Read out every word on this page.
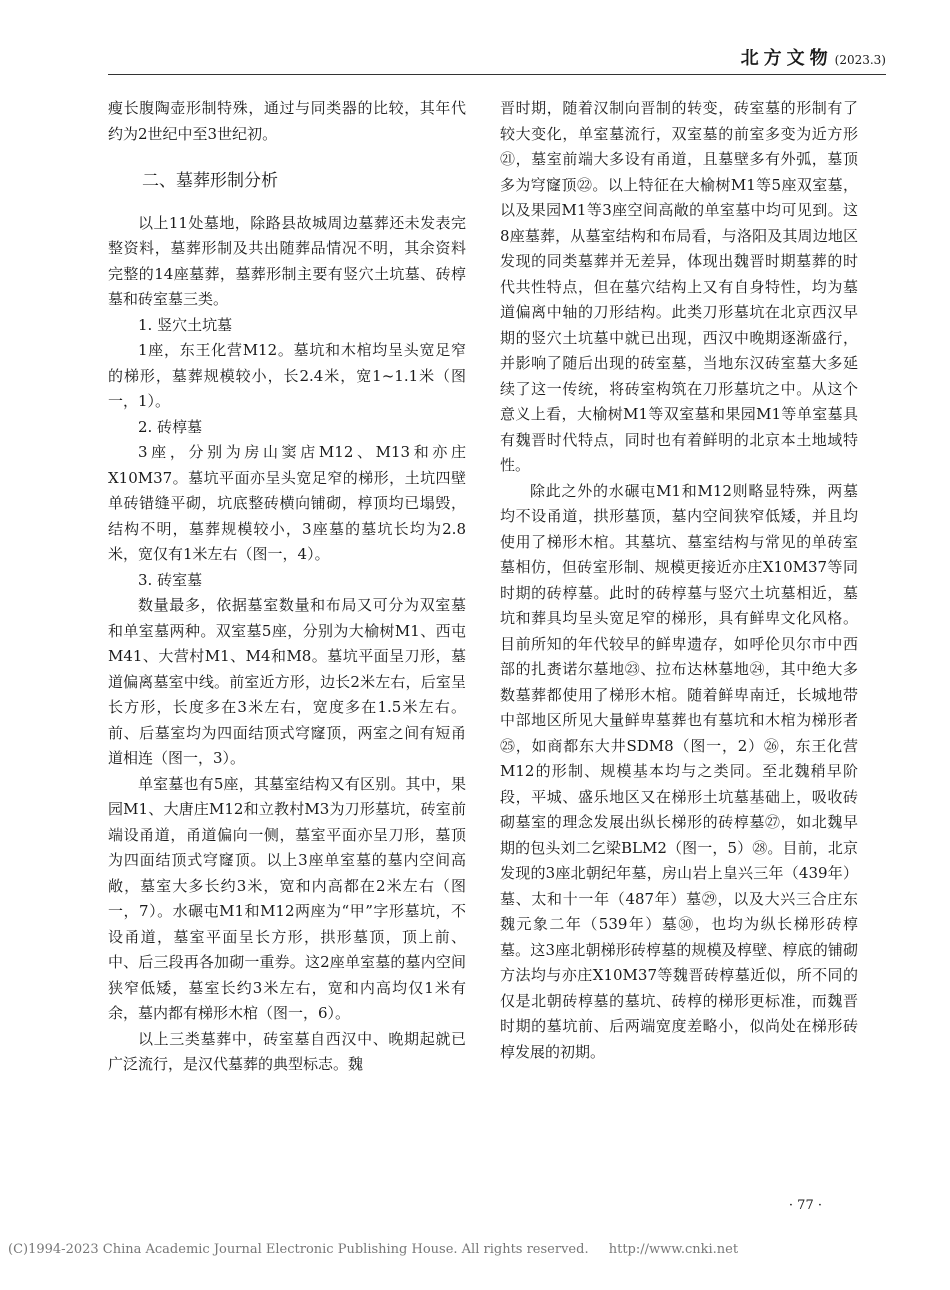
北方文物 (2023.3)

瘦长腹陶壶形制特殊，通过与同类器的比较，其年代约为2世纪中至3世纪初。

二、墓葬形制分析

以上11处墓地，除路县故城周边墓葬还未发表完整资料，墓葬形制及共出随葬品情况不明，其余资料完整的14座墓葬，墓葬形制主要有竖穴土坑墓、砖椁墓和砖室墓三类。

1. 竖穴土坑墓

1座，东王化营M12。墓坑和木棺均呈头宽足窄的梯形，墓葬规模较小，长2.4米，宽1~1.1米（图一，1）。

2. 砖椁墓

3座，分别为房山窦店M12、M13和亦庄X10M37。墓坑平面亦呈头宽足窄的梯形，土坑四壁单砖错缝平砌，坑底整砖横向铺砌，椁顶均已塌毁，结构不明，墓葬规模较小，3座墓的墓坑长均为2.8米，宽仅有1米左右（图一，4）。

3. 砖室墓

数量最多，依据墓室数量和布局又可分为双室墓和单室墓两种。双室墓5座，分别为大榆树M1、西屯M41、大营村M1、M4和M8。墓坑平面呈刀形，墓道偏离墓室中线。前室近方形，边长2米左右，后室呈长方形，长度多在3米左右，宽度多在1.5米左右。前、后墓室均为四面结顶式穹窿顶，两室之间有短甬道相连（图一，3）。

单室墓也有5座，其墓室结构又有区别。其中，果园M1、大唐庄M12和立教村M3为刀形墓坑，砖室前端设甬道，甬道偏向一侧，墓室平面亦呈刀形，墓顶为四面结顶式穹窿顶。以上3座单室墓的墓内空间高敞，墓室大多长约3米，宽和内高都在2米左右（图一，7）。水碾屯M1和M12两座为“甲”字形墓坑，不设甬道，墓室平面呈长方形，拱形墓顶，顶上前、中、后三段再各加砌一重券。这2座单室墓的墓内空间狭窄低矮，墓室长约3米左右，宽和内高均仅1米有余，墓内都有梯形木棺（图一，6）。

以上三类墓葬中，砖室墓自西汉中、晚期起就已广泛流行，是汉代墓葬的典型标志。魏

晋时期，随着汉制向晋制的转变，砖室墓的形制有了较大变化，单室墓流行，双室墓的前室多变为近方形㉑，墓室前端大多设有甬道，且墓壁多有外弧，墓顶多为穹窿顶㉒。以上特征在大榆树M1等5座双室墓，以及果园M1等3座空间高敞的单室墓中均可见到。这8座墓葬，从墓室结构和布局看，与洛阳及其周边地区发现的同类墓葬并无差异，体现出魏晋时期墓葬的时代共性特点，但在墓穴结构上又有自身特性，均为墓道偏离中轴的刀形结构。此类刀形墓坑在北京西汉早期的竖穴土坑墓中就已出现，西汉中晚期逐渐盛行，并影响了随后出现的砖室墓，当地东汉砖室墓大多延续了这一传统，将砖室构筑在刀形墓坑之中。从这个意义上看，大榆树M1等双室墓和果园M1等单室墓具有魏晋时代特点，同时也有着鲜明的北京本土地域特性。

除此之外的水碾屯M1和M12则略显特殊，两墓均不设甬道，拱形墓顶，墓内空间狭窄低矮，并且均使用了梯形木棺。其墓坑、墓室结构与常见的单砖室墓相仿，但砖室形制、规模更接近亦庄X10M37等同时期的砖椁墓。此时的砖椁墓与竖穴土坑墓相近，墓坑和葬具均呈头宽足窄的梯形，具有鲜卑文化风格。目前所知的年代较早的鲜卑遗存，如呼伦贝尔市中西部的扎赉诺尔墓地㉓、拉布达林墓地㉔，其中绝大多数墓葬都使用了梯形木棺。随着鲜卑南迁，长城地带中部地区所见大量鲜卑墓葬也有墓坑和木棺为梯形者㉕，如商都东大井SDM8（图一，2）㉖，东王化营M12的形制、规模基本均与之类同。至北魏稍早阶段，平城、盛乐地区又在梯形土坑墓基础上，吸收砖砌墓室的理念发展出纵长梯形的砖椁墓㉗，如北魏早期的包头刘二乞梁BLM2（图一，5）㉘。目前，北京发现的3座北朝纪年墓，房山岩上皇兴三年（439年）墓、太和十一年（487年）墓㉙，以及大兴三合庄东魏元象二年（539年）墓㉚，也均为纵长梯形砖椁墓。这3座北朝梯形砖椁墓的规模及椁壁、椁底的铺砌方法均与亦庄X10M37等魏晋砖椁墓近似，所不同的仅是北朝砖椁墓的墓坑、砖椁的梯形更标准，而魏晋时期的墓坑前、后两端宽度差略小，似尚处在梯形砖椁发展的初期。

· 77 ·
(C)1994-2023 China Academic Journal Electronic Publishing House. All rights reserved. http://www.cnki.net
